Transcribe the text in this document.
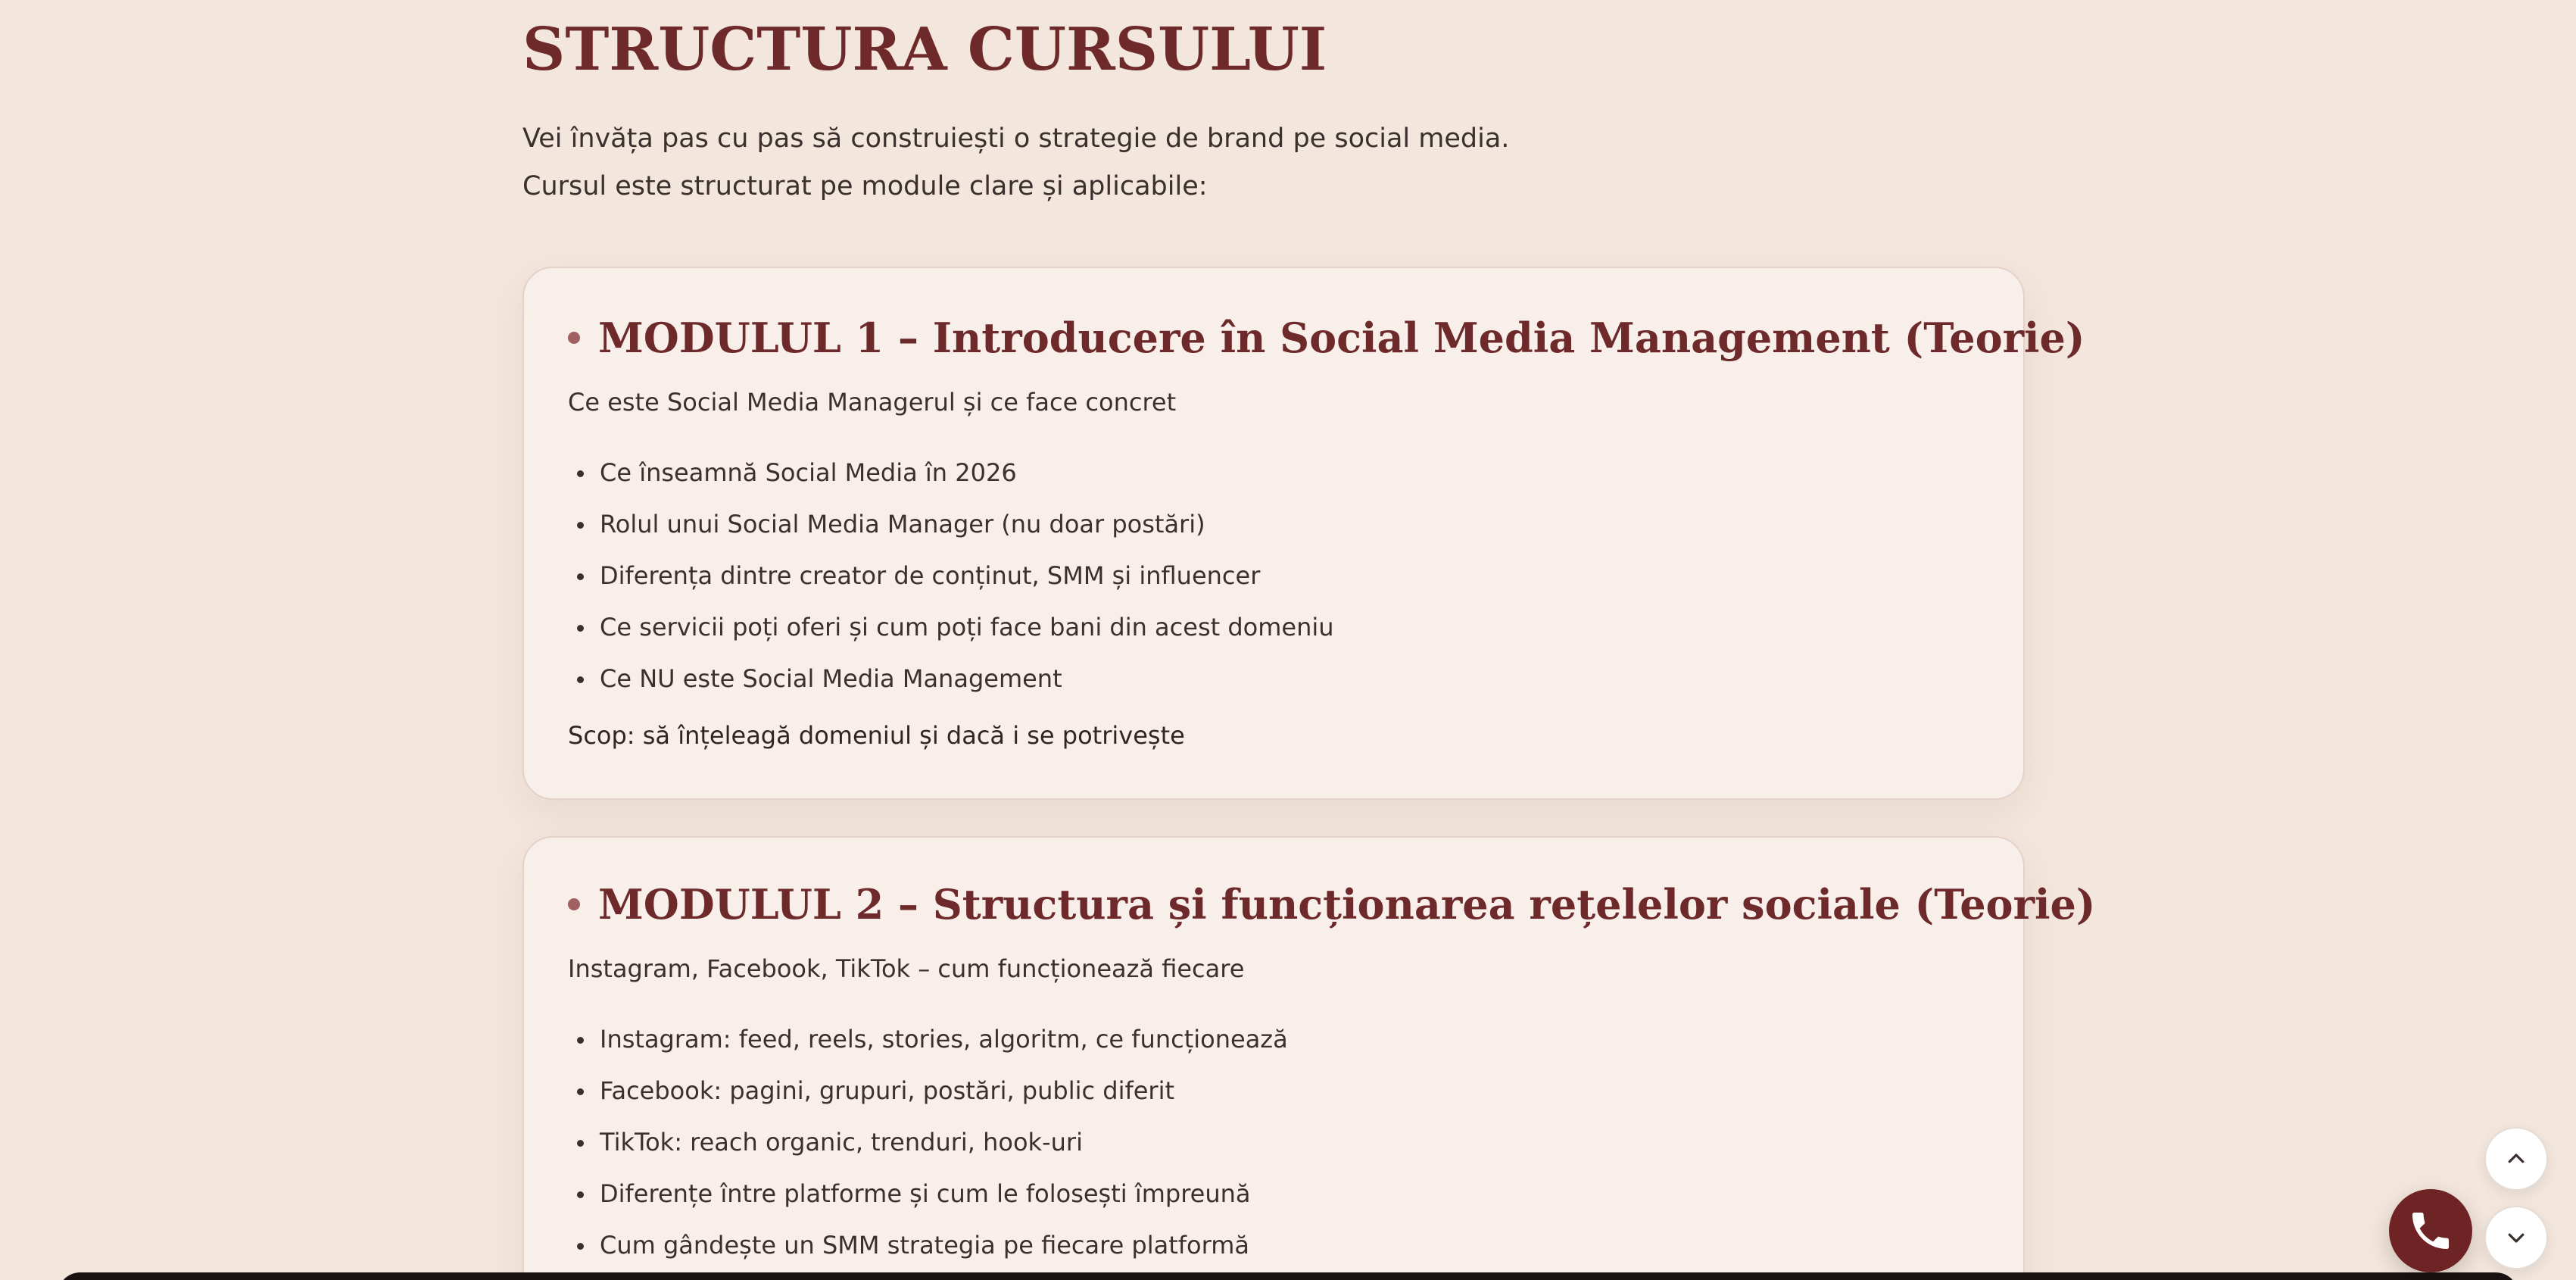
STRUCTURA CURSULUI

Vei învăța pas cu pas să construiești o strategie de brand pe social media.

Cursul este structurat pe module clare și aplicabile:

MODULUL 1 – Introducere în Social Media Management (Teorie)
Ce este Social Media Managerul și ce face concret
Ce înseamnă Social Media în 2026
Rolul unui Social Media Manager (nu doar postări)
Diferența dintre creator de conținut, SMM și influencer
Ce servicii poți oferi și cum poți face bani din acest domeniu
Ce NU este Social Media Management
Scop: să înțeleagă domeniul și dacă i se potrivește
MODULUL 2 – Structura și funcționarea rețelelor sociale (Teorie)
Instagram, Facebook, TikTok – cum funcționează fiecare
Instagram: feed, reels, stories, algoritm, ce funcționează
Facebook: pagini, grupuri, postări, public diferit
TikTok: reach organic, trenduri, hook-uri
Diferențe între platforme și cum le folosești împreună
Cum gândește un SMM strategia pe fiecare platformă
